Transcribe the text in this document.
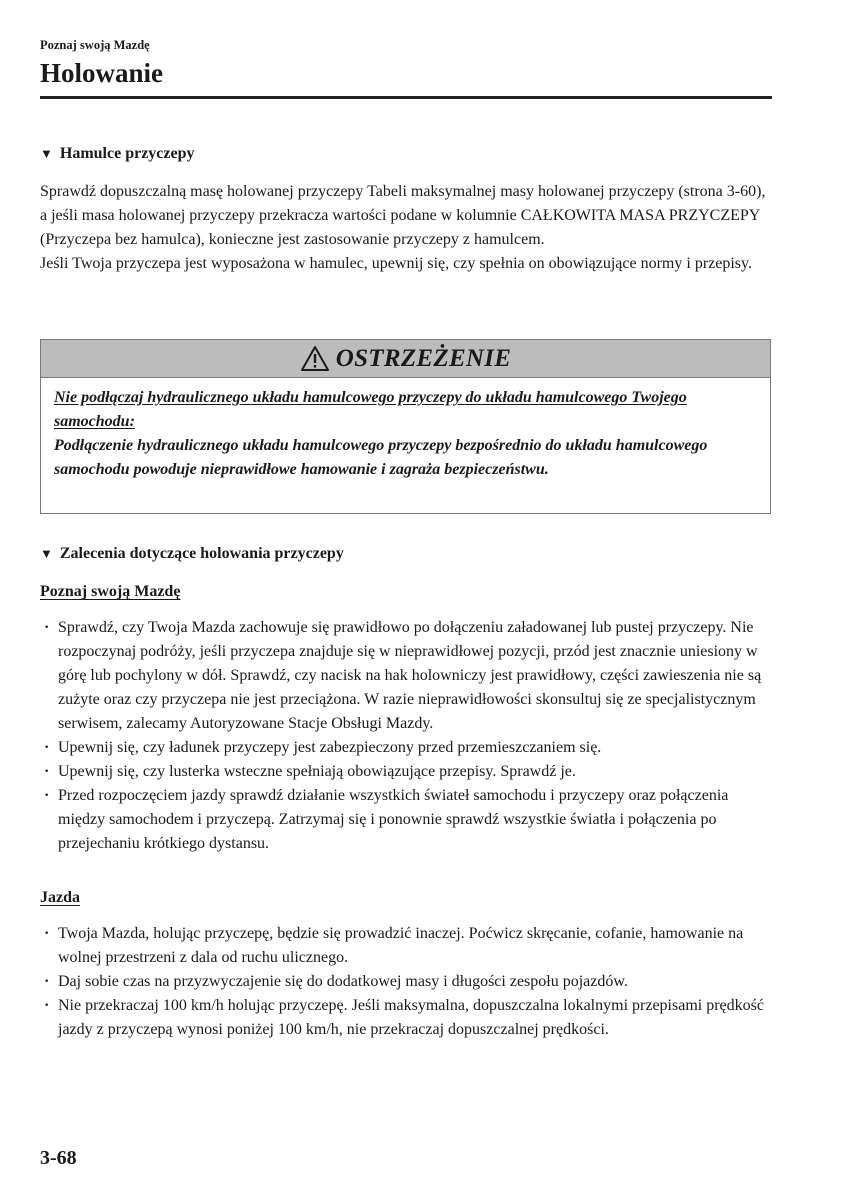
Poznaj swoją Mazdę
Holowanie
▼ Hamulce przyczepy

Sprawdź dopuszczalną masę holowanej przyczepy Tabeli maksymalnej masy holowanej przyczepy (strona 3-60), a jeśli masa holowanej przyczepy przekracza wartości podane w kolumnie CAŁKOWITA MASA PRZYCZEPY (Przyczepa bez hamulca), konieczne jest zastosowanie przyczepy z hamulcem.
Jeśli Twoja przyczepa jest wyposażona w hamulec, upewnij się, czy spełnia on obowiązujące normy i przepisy.

OSTRZEŻENIE
Nie podłączaj hydraulicznego układu hamulcowego przyczepy do układu hamulcowego Twojego samochodu:
Podłączenie hydraulicznego układu hamulcowego przyczepy bezpośrednio do układu hamulcowego samochodu powoduje nieprawidłowe hamowanie i zagraża bezpieczeństwu.
▼ Zalecenia dotyczące holowania przyczepy
Poznaj swoją Mazdę
· Sprawdź, czy Twoja Mazda zachowuje się prawidłowo po dołączeniu załadowanej lub pustej przyczepy. Nie rozpoczynaj podróży, jeśli przyczepa znajduje się w nieprawidłowej pozycji, przód jest znacznie uniesiony w górę lub pochylony w dół. Sprawdź, czy nacisk na hak holowniczy jest prawidłowy, części zawieszenia nie są zużyte oraz czy przyczepa nie jest przeciążona. W razie nieprawidłowości skonsultuj się ze specjalistycznym serwisem, zalecamy Autoryzowane Stacje Obsługi Mazdy.
· Upewnij się, czy ładunek przyczepy jest zabezpieczony przed przemieszczaniem się.
· Upewnij się, czy lusterka wsteczne spełniają obowiązujące przepisy. Sprawdź je.
· Przed rozpoczęciem jazdy sprawdź działanie wszystkich świateł samochodu i przyczepy oraz połączenia między samochodem i przyczepą. Zatrzymaj się i ponownie sprawdź wszystkie światła i połączenia po przejechaniu krótkiego dystansu.
Jazda
· Twoja Mazda, holując przyczepę, będzie się prowadzić inaczej. Poćwicz skręcanie, cofanie, hamowanie na wolnej przestrzeni z dala od ruchu ulicznego.
· Daj sobie czas na przyzwyczajenie się do dodatkowej masy i długości zespołu pojazdów.
· Nie przekraczaj 100 km/h holując przyczepę. Jeśli maksymalna, dopuszczalna lokalnymi przepisami prędkość jazdy z przyczepą wynosi poniżej 100 km/h, nie przekraczaj dopuszczalnej prędkości.
3-68
